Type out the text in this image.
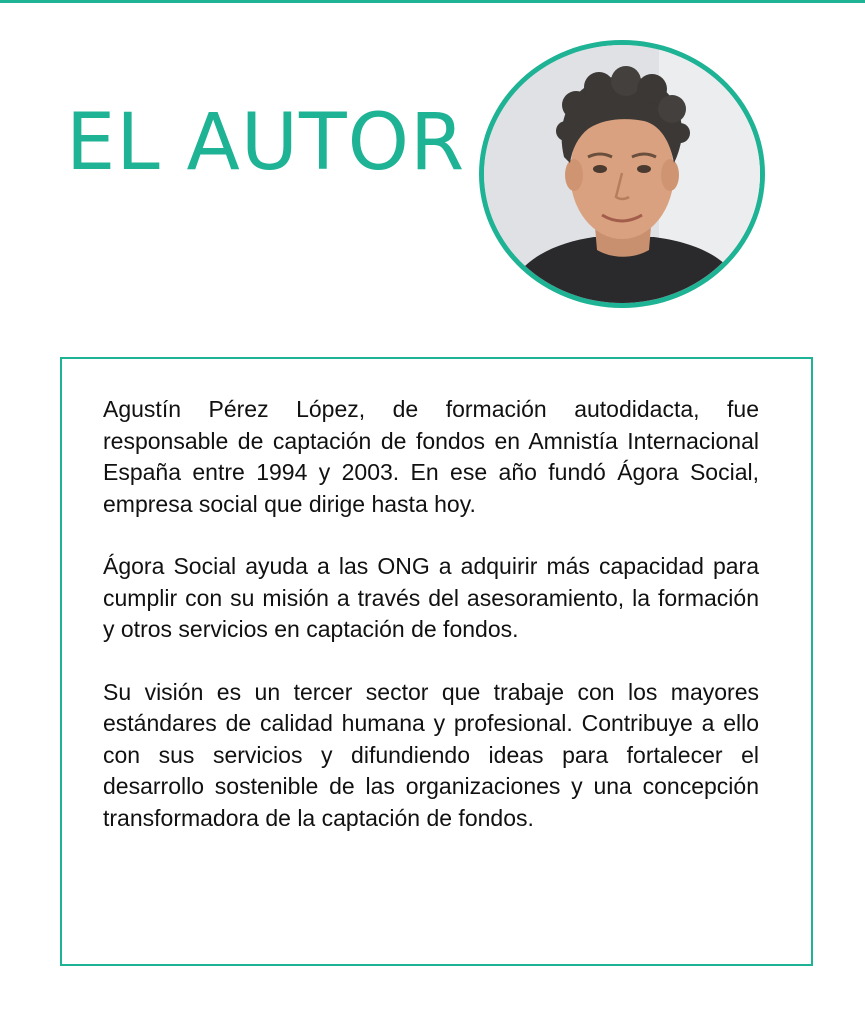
EL AUTOR

Agustín Pérez López, de formación autodidacta, fue responsable de captación de fondos en Amnistía Internacional España entre 1994 y 2003. En ese año fundó Ágora Social, empresa social que dirige hasta hoy.

Ágora Social ayuda a las ONG a adquirir más capacidad para cumplir con su misión a través del asesoramiento, la formación y otros servicios en captación de fondos.

Su visión es un tercer sector que trabaje con los mayores estándares de calidad humana y profesional. Contribuye a ello con sus servicios y difundiendo ideas para fortalecer el desarrollo sostenible de las organizaciones y una concepción transformadora de la captación de fondos.
